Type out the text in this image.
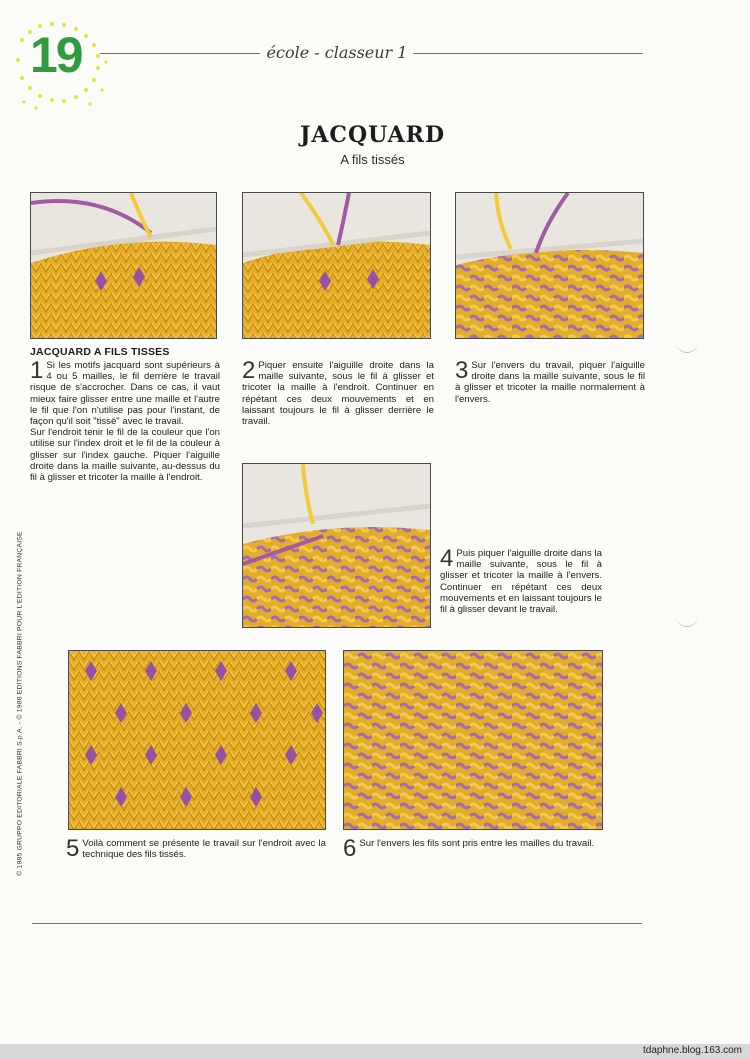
19	école - classeur 1
JACQUARD
A fils tissés
JACQUARD A FILS TISSES
1 Si les motifs jacquard sont supérieurs à 4 ou 5 mailles, le fil derrière le travail risque de s'accrocher. Dans ce cas, il vaut mieux faire glisser entre une maille et l'autre le fil que l'on n'utilise pas pour l'instant, de façon qu'il soit "tissé" avec le travail.

Sur l'endroit tenir le fil de la couleur que l'on utilise sur l'index droit et le fil de la couleur à glisser sur l'index gauche. Piquer l'aiguille droite dans la maille suivante, au-dessus du fil à glisser et tricoter la maille à l'endroit.

2 Piquer ensuite l'aiguille droite dans la maille suivante, sous le fil à glisser et tricoter la maille à l'endroit. Continuer en répétant ces deux mouvements et en laissant toujours le fil à glisser derrière le travail.

3 Sur l'envers du travail, piquer l'aiguille droite dans la maille suivante, sous le fil à glisser et tricoter la maille normalement à l'envers.

4 Puis piquer l'aiguille droite dans la maille suivante, sous le fil à glisser et tricoter la maille à l'envers. Continuer en répétant ces deux mouvements et en laissant toujours le fil à glisser devant le travail.

5 Voilà comment se présente le travail sur l'endroit avec la technique des fils tissés.	6 Sur l'envers les fils sont pris entre les mailles du travail.

© 1985 GRUPPO EDITORIALE FABBRI S.p.A. - © 1988 EDITIONS FABBRI POUR L'EDITION FRANÇAISE
tdaphne.blog.163.com
